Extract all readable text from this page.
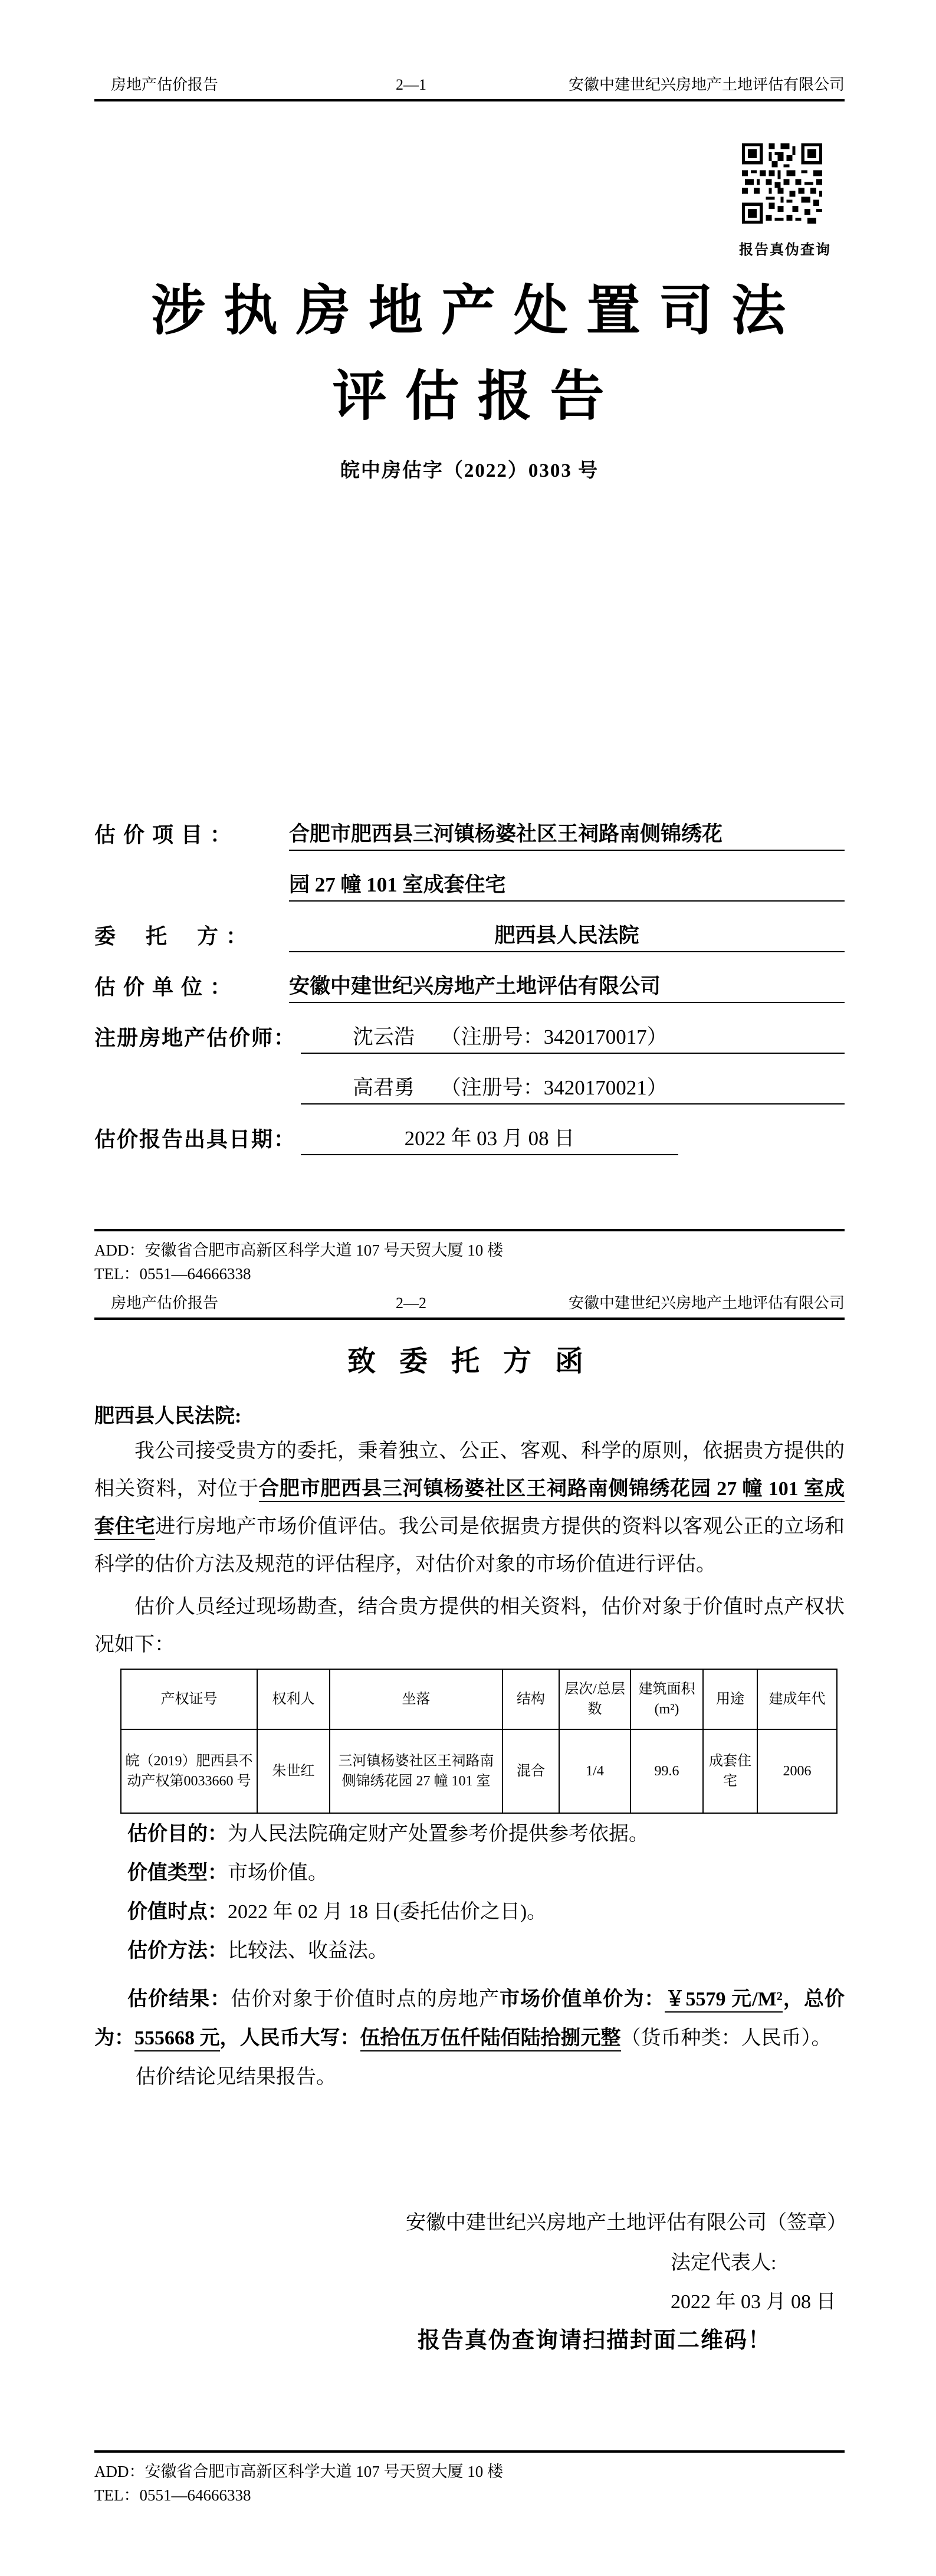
房地产估价报告	2—1	安徽中建世纪兴房地产土地评估有限公司
报告真伪查询
涉 执 房 地 产 处 置 司 法
评 估 报 告
皖中房估字（2022）0303 号
估 价 项 目 ：	合肥市肥西县三河镇杨婆社区王祠路南侧锦绣花
园 27 幢 101 室成套住宅
委　 托 　方 ：	肥西县人民法院
估 价 单 位 ：	安徽中建世纪兴房地产土地评估有限公司
注册房地产估价师：	沈云浩　 （注册号：3420170017）
高君勇　 （注册号：3420170021）
估价报告出具日期：	2022 年 03 月 08 日
ADD：安徽省合肥市高新区科学大道 107 号天贸大厦 10 楼
TEL：0551—64666338
房地产估价报告	2—2	安徽中建世纪兴房地产土地评估有限公司
致 委 托 方 函
肥西县人民法院:
我公司接受贵方的委托，秉着独立、公正、客观、科学的原则，依据贵方提供的相关资料，对位于合肥市肥西县三河镇杨婆社区王祠路南侧锦绣花园 27 幢 101 室成套住宅进行房地产市场价值评估。我公司是依据贵方提供的资料以客观公正的立场和科学的估价方法及规范的评估程序，对估价对象的市场价值进行评估。
估价人员经过现场勘查，结合贵方提供的相关资料，估价对象于价值时点产权状况如下：
产权证号	权利人	坐落	结构	层次/总层数	建筑面积(m²)	用途	建成年代
皖（2019）肥西县不动产权第0033660 号	朱世红	三河镇杨婆社区王祠路南侧锦绣花园 27 幢 101 室	混合	1/4	99.6	成套住宅	2006
估价目的：为人民法院确定财产处置参考价提供参考依据。
价值类型：市场价值。
价值时点：2022 年 02 月 18 日(委托估价之日)。
估价方法：比较法、收益法。
估价结果：估价对象于价值时点的房地产市场价值单价为：￥5579 元/M²，总价为：555668 元，人民币大写：伍拾伍万伍仟陆佰陆拾捌元整（货币种类：人民币）。
估价结论见结果报告。
安徽中建世纪兴房地产土地评估有限公司（签章）
法定代表人:
2022 年 03 月 08 日
报告真伪查询请扫描封面二维码！
ADD：安徽省合肥市高新区科学大道 107 号天贸大厦 10 楼
TEL：0551—64666338
